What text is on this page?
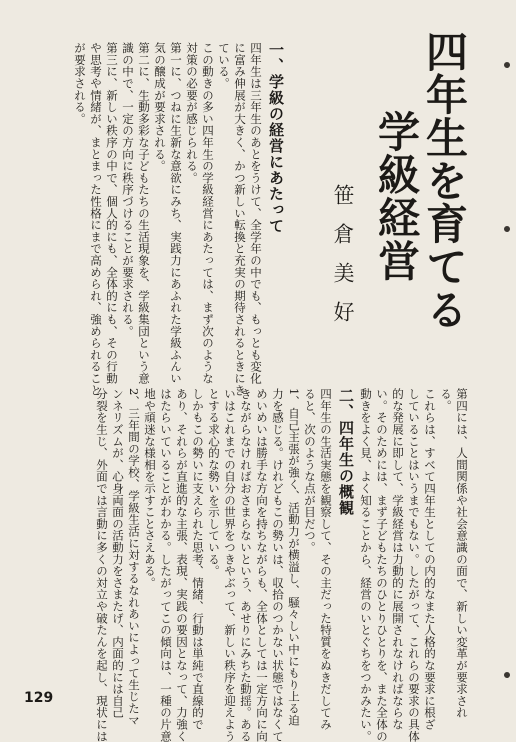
四年生を育てる
学級経営
笹倉美好

一、学級の経営にあたって

四年生は三年生のあとをうけて、全学年の中でも、もっとも変化

に富み伸展が大きく、かつ新しい転換と充実の期待されるときにき

ている。

この動きの多い四年生の学級経営にあたっては、まず次のような

対策の必要が感じられる。

第一に、つねに生新な意欲にみち、実践力にあふれた学級ふんい

気の醸成が要求される。

第二に、生動多彩な子どもたちの生活現象を、学級集団という意

識の中で、一定の方向に秩序づけることが要求される。

第三に、新しい秩序の中で、個人的にも、全体的にも、その行動

や思考や情緒が、まとまった性格にまで高められ、強められること

が要求される。

第四には、人間関係や社会意識の面で、新しい変革が要求され

る。

これらは、すべて四年生としての内的なまた人格的な要求に根ざ

していることはいうまでもない。したがって、これらの要求の具体

的な発展に即して、学級経営は力動的に展開されなければならな

い。そのためには、まず子どもたちのひとりひとりを、また全体の

動きをよく見、よく知ることから、経営のいとぐちをつかみたい。

二、四年生の概観

四年生の生活実態を観察して、その主だった特質をぬきだしてみ

ると、次のような点が目だつ。

1、自己主張が強く、活動力が横溢し、騒々しい中にもり上る迫

力を感じる。けれどもこの勢いは、収拾のつかない状態ではなくて

めいめいは勝手な方向を持ちながらも、全体としては一定方向に向

きながらなければおさまらないという、あせりにみちた動揺。ある

いはこれまでの自分の世界をつきやぶって、新しい秩序を迎えよう

とする求心的な勢いを示している。

しかもこの勢いに支えられた思考、情緒、行動は単純で直線的で

あり、それらが直進的な主張、表現、実践の要因となって、力強く

はたらいていることがわかる。したがってこの傾向は、一種の片意

地や頑迷な様相を示すことさえある。

2、三年間の学校、学級生活に対するなれあいによって生じたマ

ンネリズムが、心身両面の活動力をさまたげ、内面的には自己

分裂を生じ、外面では言動に多くの対立や破たんを起し、現状には

129
